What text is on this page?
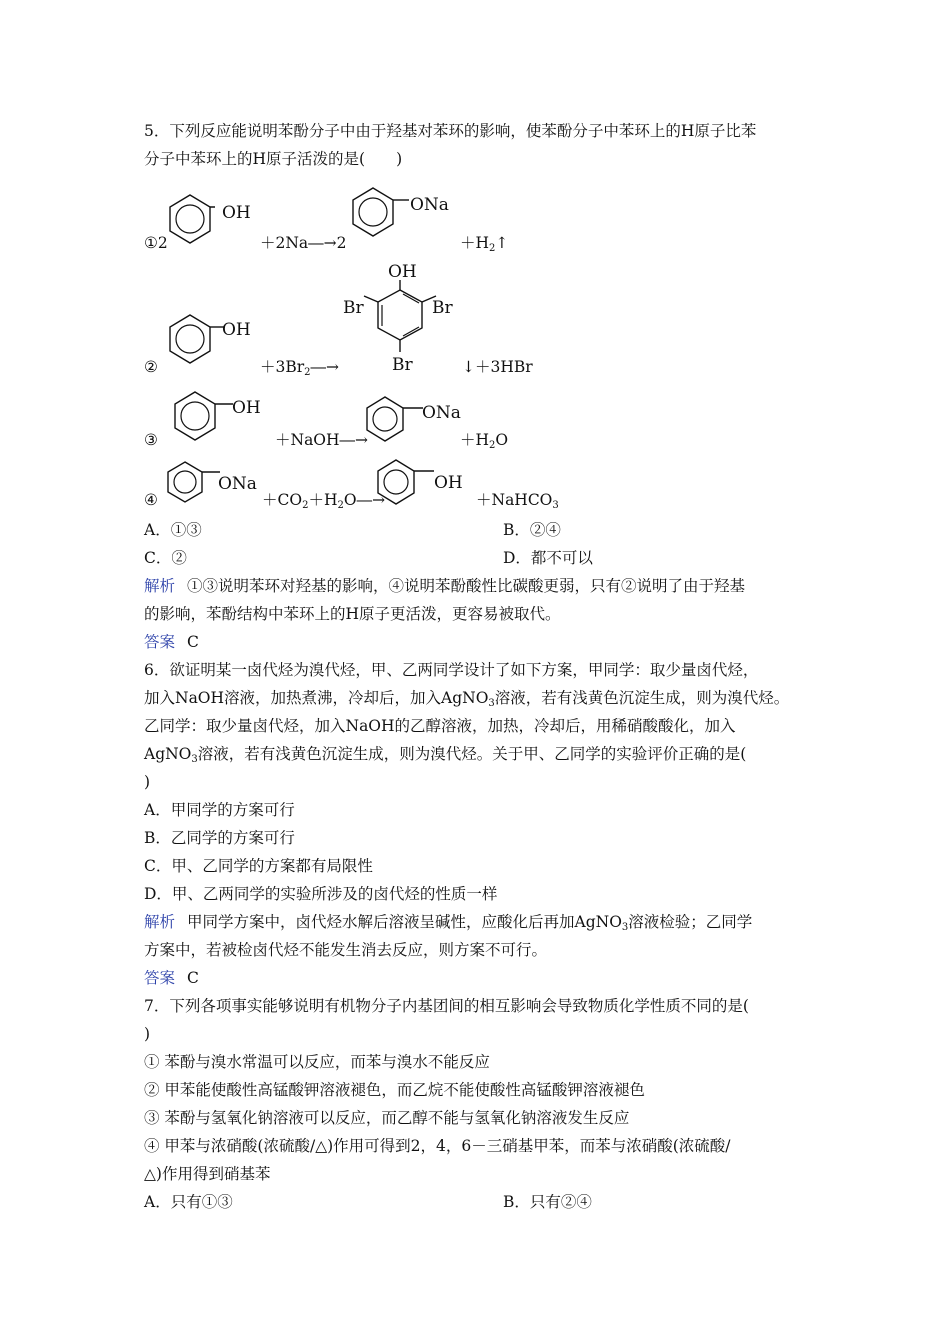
5．下列反应能说明苯酚分子中由于羟基对苯环的影响，使苯酚分子中苯环上的H原子比苯
分子中苯环上的H原子活泼的是(　　)
①2
OH
＋2Na―→2
ONa
$+H_2↑$
②
OH
$+3Br_2―\to$
OH
Br	Br
Br	↓＋3HBr
③
OH
＋NaOH―→
ONa
$+H_2O$
④
ONa
$+CO_2+H_2O―\to$
OH
＋NaHCO$_3$
A．①③	B．②④
C．②	D．都不可以
解析 ①③说明苯环对羟基的影响，④说明苯酚酸性比碳酸更弱，只有②说明了由于羟基
的影响，苯酚结构中苯环上的H原子更活泼，更容易被取代。
答案 C
6．欲证明某一卤代烃为溴代烃，甲、乙两同学设计了如下方案，甲同学：取少量卤代烃，
加入NaOH溶液，加热煮沸，冷却后，加入AgNO$_3$溶液，若有浅黄色沉淀生成，则为溴代烃。
乙同学：取少量卤代烃，加入NaOH的乙醇溶液，加热，冷却后，用稀硝酸酸化，加入
AgNO$_3$溶液，若有浅黄色沉淀生成，则为溴代烃。关于甲、乙同学的实验评价正确的是(
)
A．甲同学的方案可行
B．乙同学的方案可行
C．甲、乙同学的方案都有局限性
D．甲、乙两同学的实验所涉及的卤代烃的性质一样
解析 甲同学方案中，卤代烃水解后溶液呈碱性，应酸化后再加AgNO$_3$溶液检验；乙同学
方案中，若被检卤代烃不能发生消去反应，则方案不可行。
答案 C
7．下列各项事实能够说明有机物分子内基团间的相互影响会导致物质化学性质不同的是(
)
① 苯酚与溴水常温可以反应，而苯与溴水不能反应
② 甲苯能使酸性高锰酸钾溶液褪色，而乙烷不能使酸性高锰酸钾溶液褪色
③ 苯酚与氢氧化钠溶液可以反应，而乙醇不能与氢氧化钠溶液发生反应
④ 甲苯与浓硝酸(浓硫酸/△)作用可得到2，4，6－三硝基甲苯，而苯与浓硝酸(浓硫酸/
△)作用得到硝基苯
A．只有①③	B．只有②④
